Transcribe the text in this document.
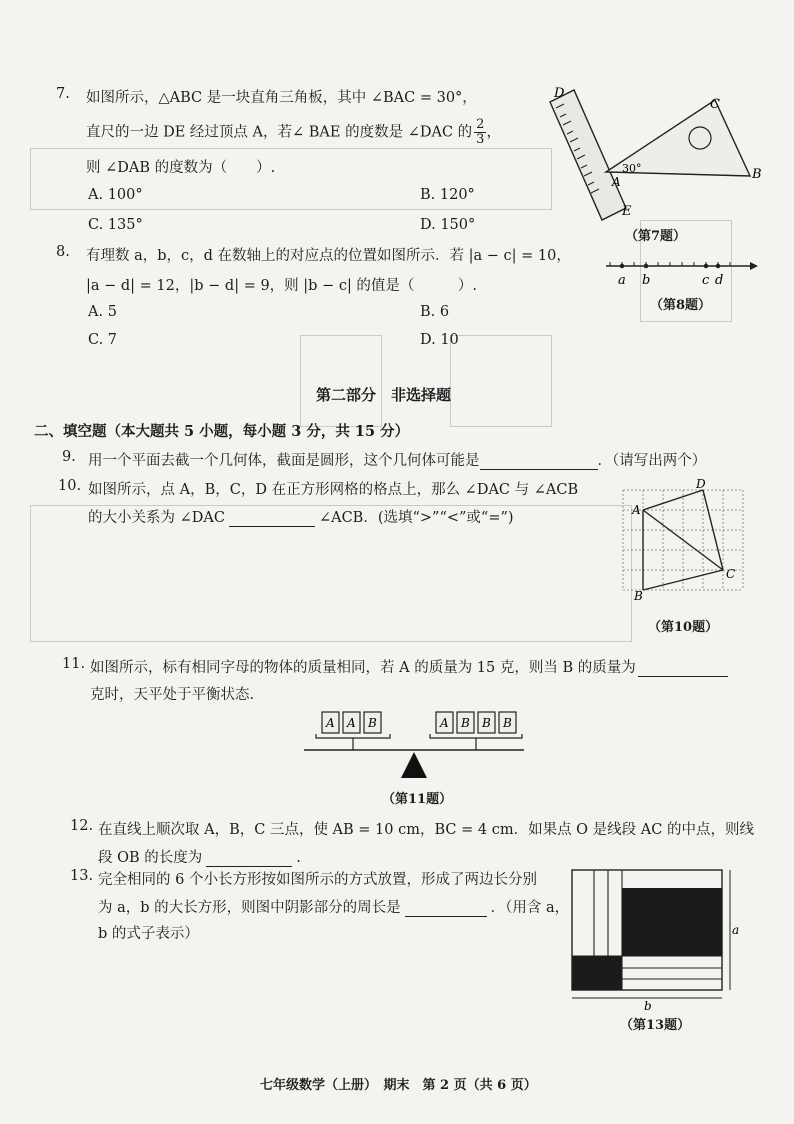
7. 如图所示，△ABC 是一块直角三角板，其中 ∠BAC = 30°，
直尺的一边 DE 经过顶点 A，若∠ BAE 的度数是 ∠DAC 的 $\frac{2}{3}$ ，
则 ∠DAB 的度数为（　　）.
A. 100°	B. 120°
C. 135°	D. 150°
D
C
A	B
E
30°
（第7题）
8. 有理数 a，b，c，d 在数轴上的对应点的位置如图所示．若 |a − c| = 10，
|a − d| = 12，|b − d| = 9，则 |b − c| 的值是（　　　）.
A. 5	B. 6
C. 7	D. 10
a b	c d
（第8题）
第二部分　非选择题
二、填空题（本大题共 5 小题，每小题 3 分，共 15 分）
9. 用一个平面去截一个几何体，截面是圆形，这个几何体可能是	．（请写出两个）
10. 如图所示，点 A，B，C，D 在正方形网格的格点上，那么 ∠DAC 与 ∠ACB
的大小关系为 ∠DAC	∠ACB．(选填“>”“<”或“=”)
D
A
C
B
（第10题）
11. 如图所示，标有相同字母的物体的质量相同，若 A 的质量为 15 克，则当 B 的质量为
克时，天平处于平衡状态.
A A B	A B B B
（第11题）
12. 在直线上顺次取 A，B，C 三点，使 AB = 10 cm，BC = 4 cm．如果点 O 是线段 AC 的中点，则线
段 OB 的长度为	.
13. 完全相同的 6 个小长方形按如图所示的方式放置，形成了两边长分别
为 a，b 的大长方形，则图中阴影部分的周长是	．（用含 a，
b 的式子表示）	a
b
（第13题）
七年级数学（上册）　期末　第 2 页（共 6 页）
